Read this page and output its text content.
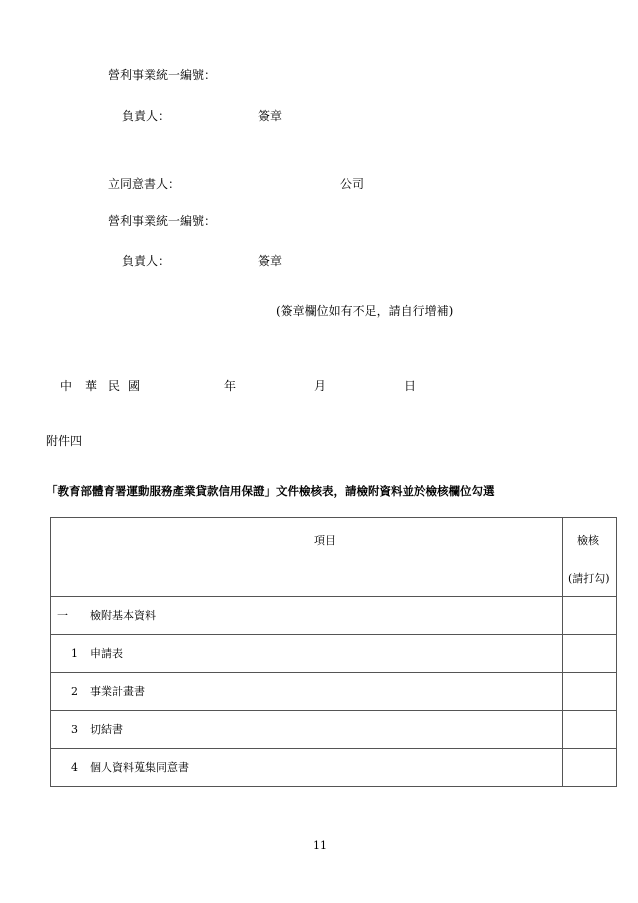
營利事業統一編號：
負責人：	簽章
立同意書人：	公司
營利事業統一編號：
負責人：	簽章
(簽章欄位如有不足，請自行增補)
中 華 民 國	年	月	日
附件四
「教育部體育署運動服務產業貸款信用保證」文件檢核表，請檢附資料並於檢核欄位勾選
項目	檢核
(請打勾)

一 檢附基本資料	

1 申請表	

2 事業計畫書	

3 切結書	

4 個人資料蒐集同意書	

11
